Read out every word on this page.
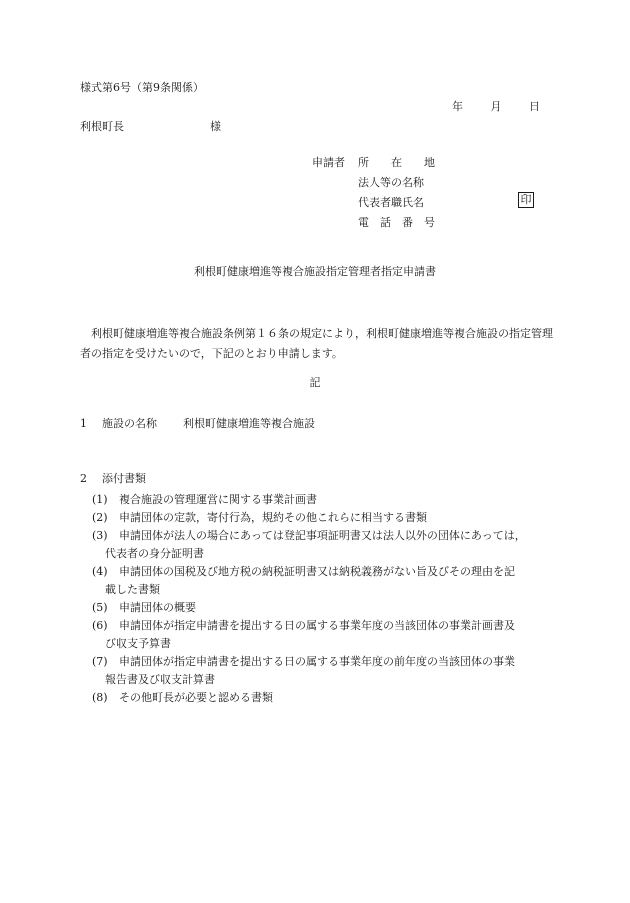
様式第6号（第9条関係）
年	月	日
利根町長	様
申請者 所　　在　　地
法人等の名称
代表者職氏名
電　話　番　号
印
利根町健康増進等複合施設指定管理者指定申請書
利根町健康増進等複合施設条例第１６条の規定により，利根町健康増進等複合施設の指定管理者の指定を受けたいので，下記のとおり申請します。
記
1 施設の名称 利根町健康増進等複合施設
2 添付書類
(1)	複合施設の管理運営に関する事業計画書
(2)	申請団体の定款，寄付行為，規約その他これらに相当する書類
(3)	申請団体が法人の場合にあっては登記事項証明書又は法人以外の団体にあっては，
代表者の身分証明書
(4)	申請団体の国税及び地方税の納税証明書又は納税義務がない旨及びその理由を記
載した書類
(5)	申請団体の概要
(6)	申請団体が指定申請書を提出する日の属する事業年度の当該団体の事業計画書及
び収支予算書
(7)	申請団体が指定申請書を提出する日の属する事業年度の前年度の当該団体の事業
報告書及び収支計算書
(8)	その他町長が必要と認める書類
